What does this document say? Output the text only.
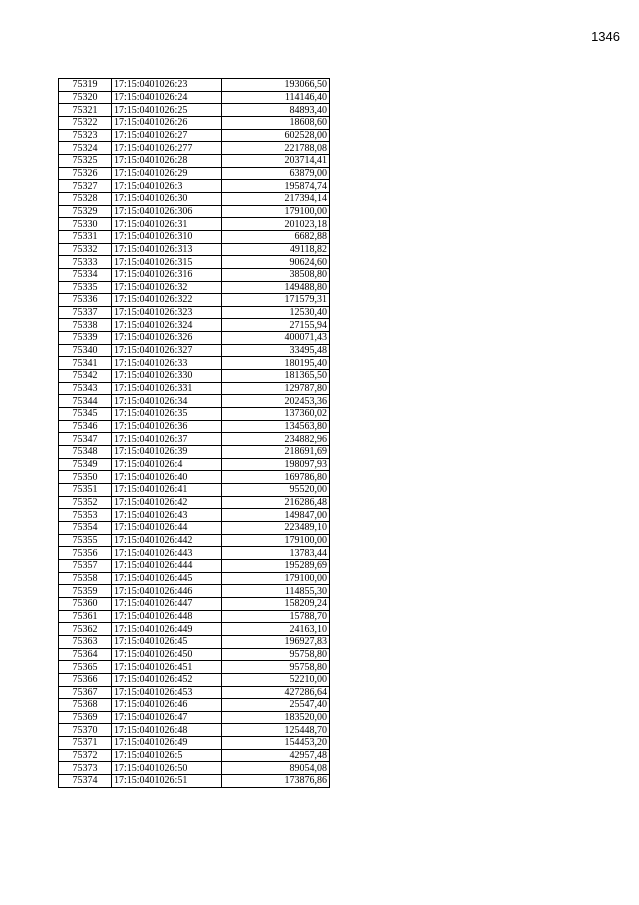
1346
75319	17:15:0401026:23	193066,50
75320	17:15:0401026:24	114146,40
75321	17:15:0401026:25	84893,40
75322	17:15:0401026:26	18608,60
75323	17:15:0401026:27	602528,00
75324	17:15:0401026:277	221788,08
75325	17:15:0401026:28	203714,41
75326	17:15:0401026:29	63879,00
75327	17:15:0401026:3	195874,74
75328	17:15:0401026:30	217394,14
75329	17:15:0401026:306	179100,00
75330	17:15:0401026:31	201023,18
75331	17:15:0401026:310	6682,88
75332	17:15:0401026:313	49118,82
75333	17:15:0401026:315	90624,60
75334	17:15:0401026:316	38508,80
75335	17:15:0401026:32	149488,80
75336	17:15:0401026:322	171579,31
75337	17:15:0401026:323	12530,40
75338	17:15:0401026:324	27155,94
75339	17:15:0401026:326	400071,43
75340	17:15:0401026:327	33495,48
75341	17:15:0401026:33	180195,40
75342	17:15:0401026:330	181365,50
75343	17:15:0401026:331	129787,80
75344	17:15:0401026:34	202453,36
75345	17:15:0401026:35	137360,02
75346	17:15:0401026:36	134563,80
75347	17:15:0401026:37	234882,96
75348	17:15:0401026:39	218691,69
75349	17:15:0401026:4	198097,93
75350	17:15:0401026:40	169786,80
75351	17:15:0401026:41	95520,00
75352	17:15:0401026:42	216286,48
75353	17:15:0401026:43	149847,00
75354	17:15:0401026:44	223489,10
75355	17:15:0401026:442	179100,00
75356	17:15:0401026:443	13783,44
75357	17:15:0401026:444	195289,69
75358	17:15:0401026:445	179100,00
75359	17:15:0401026:446	114855,30
75360	17:15:0401026:447	158209,24
75361	17:15:0401026:448	15788,70
75362	17:15:0401026:449	24163,10
75363	17:15:0401026:45	196927,83
75364	17:15:0401026:450	95758,80
75365	17:15:0401026:451	95758,80
75366	17:15:0401026:452	52210,00
75367	17:15:0401026:453	427286,64
75368	17:15:0401026:46	25547,40
75369	17:15:0401026:47	183520,00
75370	17:15:0401026:48	125448,70
75371	17:15:0401026:49	154453,20
75372	17:15:0401026:5	42957,48
75373	17:15:0401026:50	89054,08
75374	17:15:0401026:51	173876,86
